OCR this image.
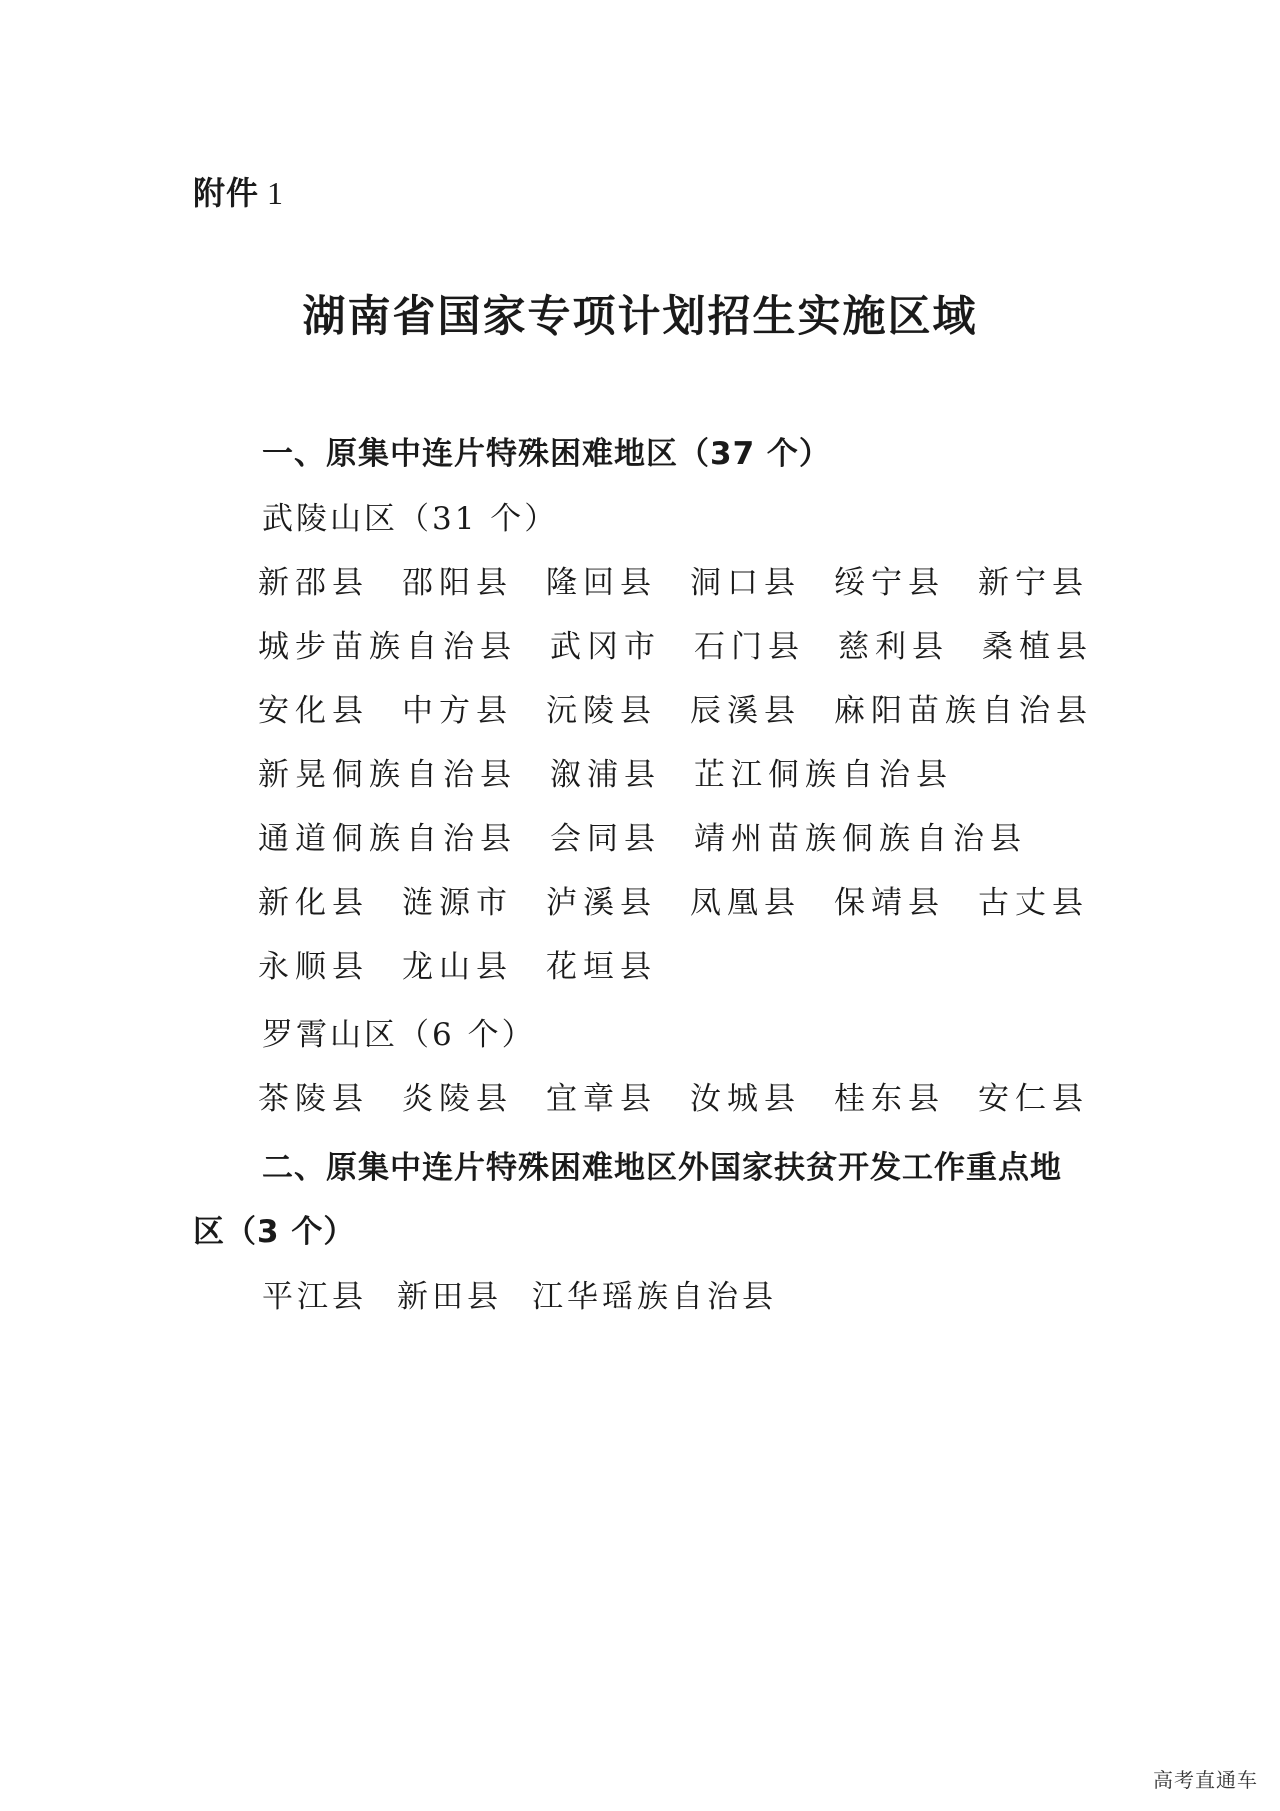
附件 1
湖南省国家专项计划招生实施区域
一、原集中连片特殊困难地区（37 个）
武陵山区（31 个）
新邵县 邵阳县 隆回县 洞口县 绥宁县 新宁县
城步苗族自治县 武冈市 石门县 慈利县 桑植县
安化县 中方县 沅陵县 辰溪县 麻阳苗族自治县
新晃侗族自治县 溆浦县 芷江侗族自治县
通道侗族自治县 会同县 靖州苗族侗族自治县
新化县 涟源市 泸溪县 凤凰县 保靖县 古丈县
永顺县 龙山县 花垣县
罗霄山区（6 个）
茶陵县 炎陵县 宜章县 汝城县 桂东县 安仁县
二、原集中连片特殊困难地区外国家扶贫开发工作重点地
区（3 个）
平江县 新田县 江华瑶族自治县
高考直通车
